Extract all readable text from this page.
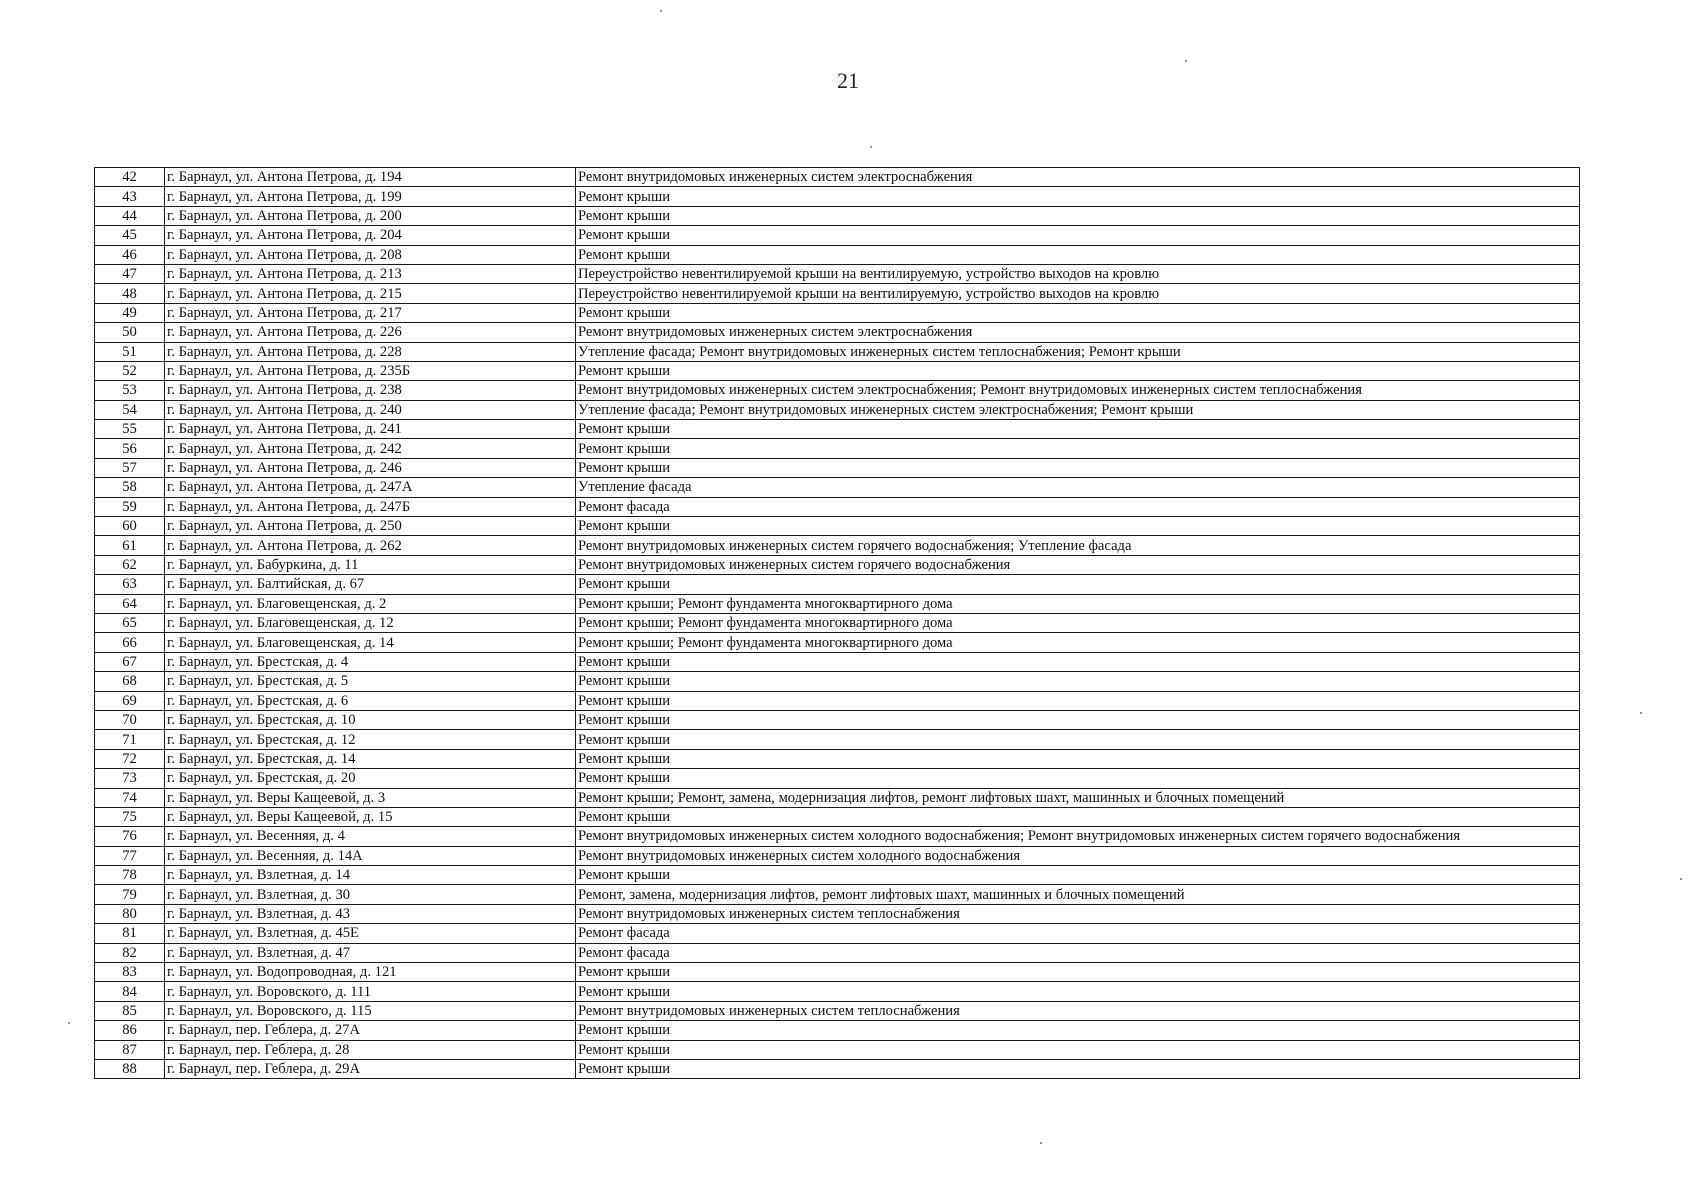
21
42	г. Барнаул, ул. Антона Петрова, д. 194	Ремонт внутридомовых инженерных систем электроснабжения
43	г. Барнаул, ул. Антона Петрова, д. 199	Ремонт крыши
44	г. Барнаул, ул. Антона Петрова, д. 200	Ремонт крыши
45	г. Барнаул, ул. Антона Петрова, д. 204	Ремонт крыши
46	г. Барнаул, ул. Антона Петрова, д. 208	Ремонт крыши
47	г. Барнаул, ул. Антона Петрова, д. 213	Переустройство невентилируемой крыши на вентилируемую, устройство выходов на кровлю
48	г. Барнаул, ул. Антона Петрова, д. 215	Переустройство невентилируемой крыши на вентилируемую, устройство выходов на кровлю
49	г. Барнаул, ул. Антона Петрова, д. 217	Ремонт крыши
50	г. Барнаул, ул. Антона Петрова, д. 226	Ремонт внутридомовых инженерных систем электроснабжения
51	г. Барнаул, ул. Антона Петрова, д. 228	Утепление фасада; Ремонт внутридомовых инженерных систем теплоснабжения; Ремонт крыши
52	г. Барнаул, ул. Антона Петрова, д. 235Б	Ремонт крыши
53	г. Барнаул, ул. Антона Петрова, д. 238	Ремонт внутридомовых инженерных систем электроснабжения; Ремонт внутридомовых инженерных систем теплоснабжения
54	г. Барнаул, ул. Антона Петрова, д. 240	Утепление фасада; Ремонт внутридомовых инженерных систем электроснабжения; Ремонт крыши
55	г. Барнаул, ул. Антона Петрова, д. 241	Ремонт крыши
56	г. Барнаул, ул. Антона Петрова, д. 242	Ремонт крыши
57	г. Барнаул, ул. Антона Петрова, д. 246	Ремонт крыши
58	г. Барнаул, ул. Антона Петрова, д. 247А	Утепление фасада
59	г. Барнаул, ул. Антона Петрова, д. 247Б	Ремонт фасада
60	г. Барнаул, ул. Антона Петрова, д. 250	Ремонт крыши
61	г. Барнаул, ул. Антона Петрова, д. 262	Ремонт внутридомовых инженерных систем горячего водоснабжения; Утепление фасада
62	г. Барнаул, ул. Бабуркина, д. 11	Ремонт внутридомовых инженерных систем горячего водоснабжения
63	г. Барнаул, ул. Балтийская, д. 67	Ремонт крыши
64	г. Барнаул, ул. Благовещенская, д. 2	Ремонт крыши; Ремонт фундамента многоквартирного дома
65	г. Барнаул, ул. Благовещенская, д. 12	Ремонт крыши; Ремонт фундамента многоквартирного дома
66	г. Барнаул, ул. Благовещенская, д. 14	Ремонт крыши; Ремонт фундамента многоквартирного дома
67	г. Барнаул, ул. Брестская, д. 4	Ремонт крыши
68	г. Барнаул, ул. Брестская, д. 5	Ремонт крыши
69	г. Барнаул, ул. Брестская, д. 6	Ремонт крыши
70	г. Барнаул, ул. Брестская, д. 10	Ремонт крыши
71	г. Барнаул, ул. Брестская, д. 12	Ремонт крыши
72	г. Барнаул, ул. Брестская, д. 14	Ремонт крыши
73	г. Барнаул, ул. Брестская, д. 20	Ремонт крыши
74	г. Барнаул, ул. Веры Кащеевой, д. 3	Ремонт крыши; Ремонт, замена, модернизация лифтов, ремонт лифтовых шахт, машинных и блочных помещений
75	г. Барнаул, ул. Веры Кащеевой, д. 15	Ремонт крыши
76	г. Барнаул, ул. Весенняя, д. 4	Ремонт внутридомовых инженерных систем холодного водоснабжения; Ремонт внутридомовых инженерных систем горячего водоснабжения
77	г. Барнаул, ул. Весенняя, д. 14А	Ремонт внутридомовых инженерных систем холодного водоснабжения
78	г. Барнаул, ул. Взлетная, д. 14	Ремонт крыши
79	г. Барнаул, ул. Взлетная, д. 30	Ремонт, замена, модернизация лифтов, ремонт лифтовых шахт, машинных и блочных помещений
80	г. Барнаул, ул. Взлетная, д. 43	Ремонт внутридомовых инженерных систем теплоснабжения
81	г. Барнаул, ул. Взлетная, д. 45Е	Ремонт фасада
82	г. Барнаул, ул. Взлетная, д. 47	Ремонт фасада
83	г. Барнаул, ул. Водопроводная, д. 121	Ремонт крыши
84	г. Барнаул, ул. Воровского, д. 111	Ремонт крыши
85	г. Барнаул, ул. Воровского, д. 115	Ремонт внутридомовых инженерных систем теплоснабжения
86	г. Барнаул, пер. Геблера, д. 27А	Ремонт крыши
87	г. Барнаул, пер. Геблера, д. 28	Ремонт крыши
88	г. Барнаул, пер. Геблера, д. 29А	Ремонт крыши
